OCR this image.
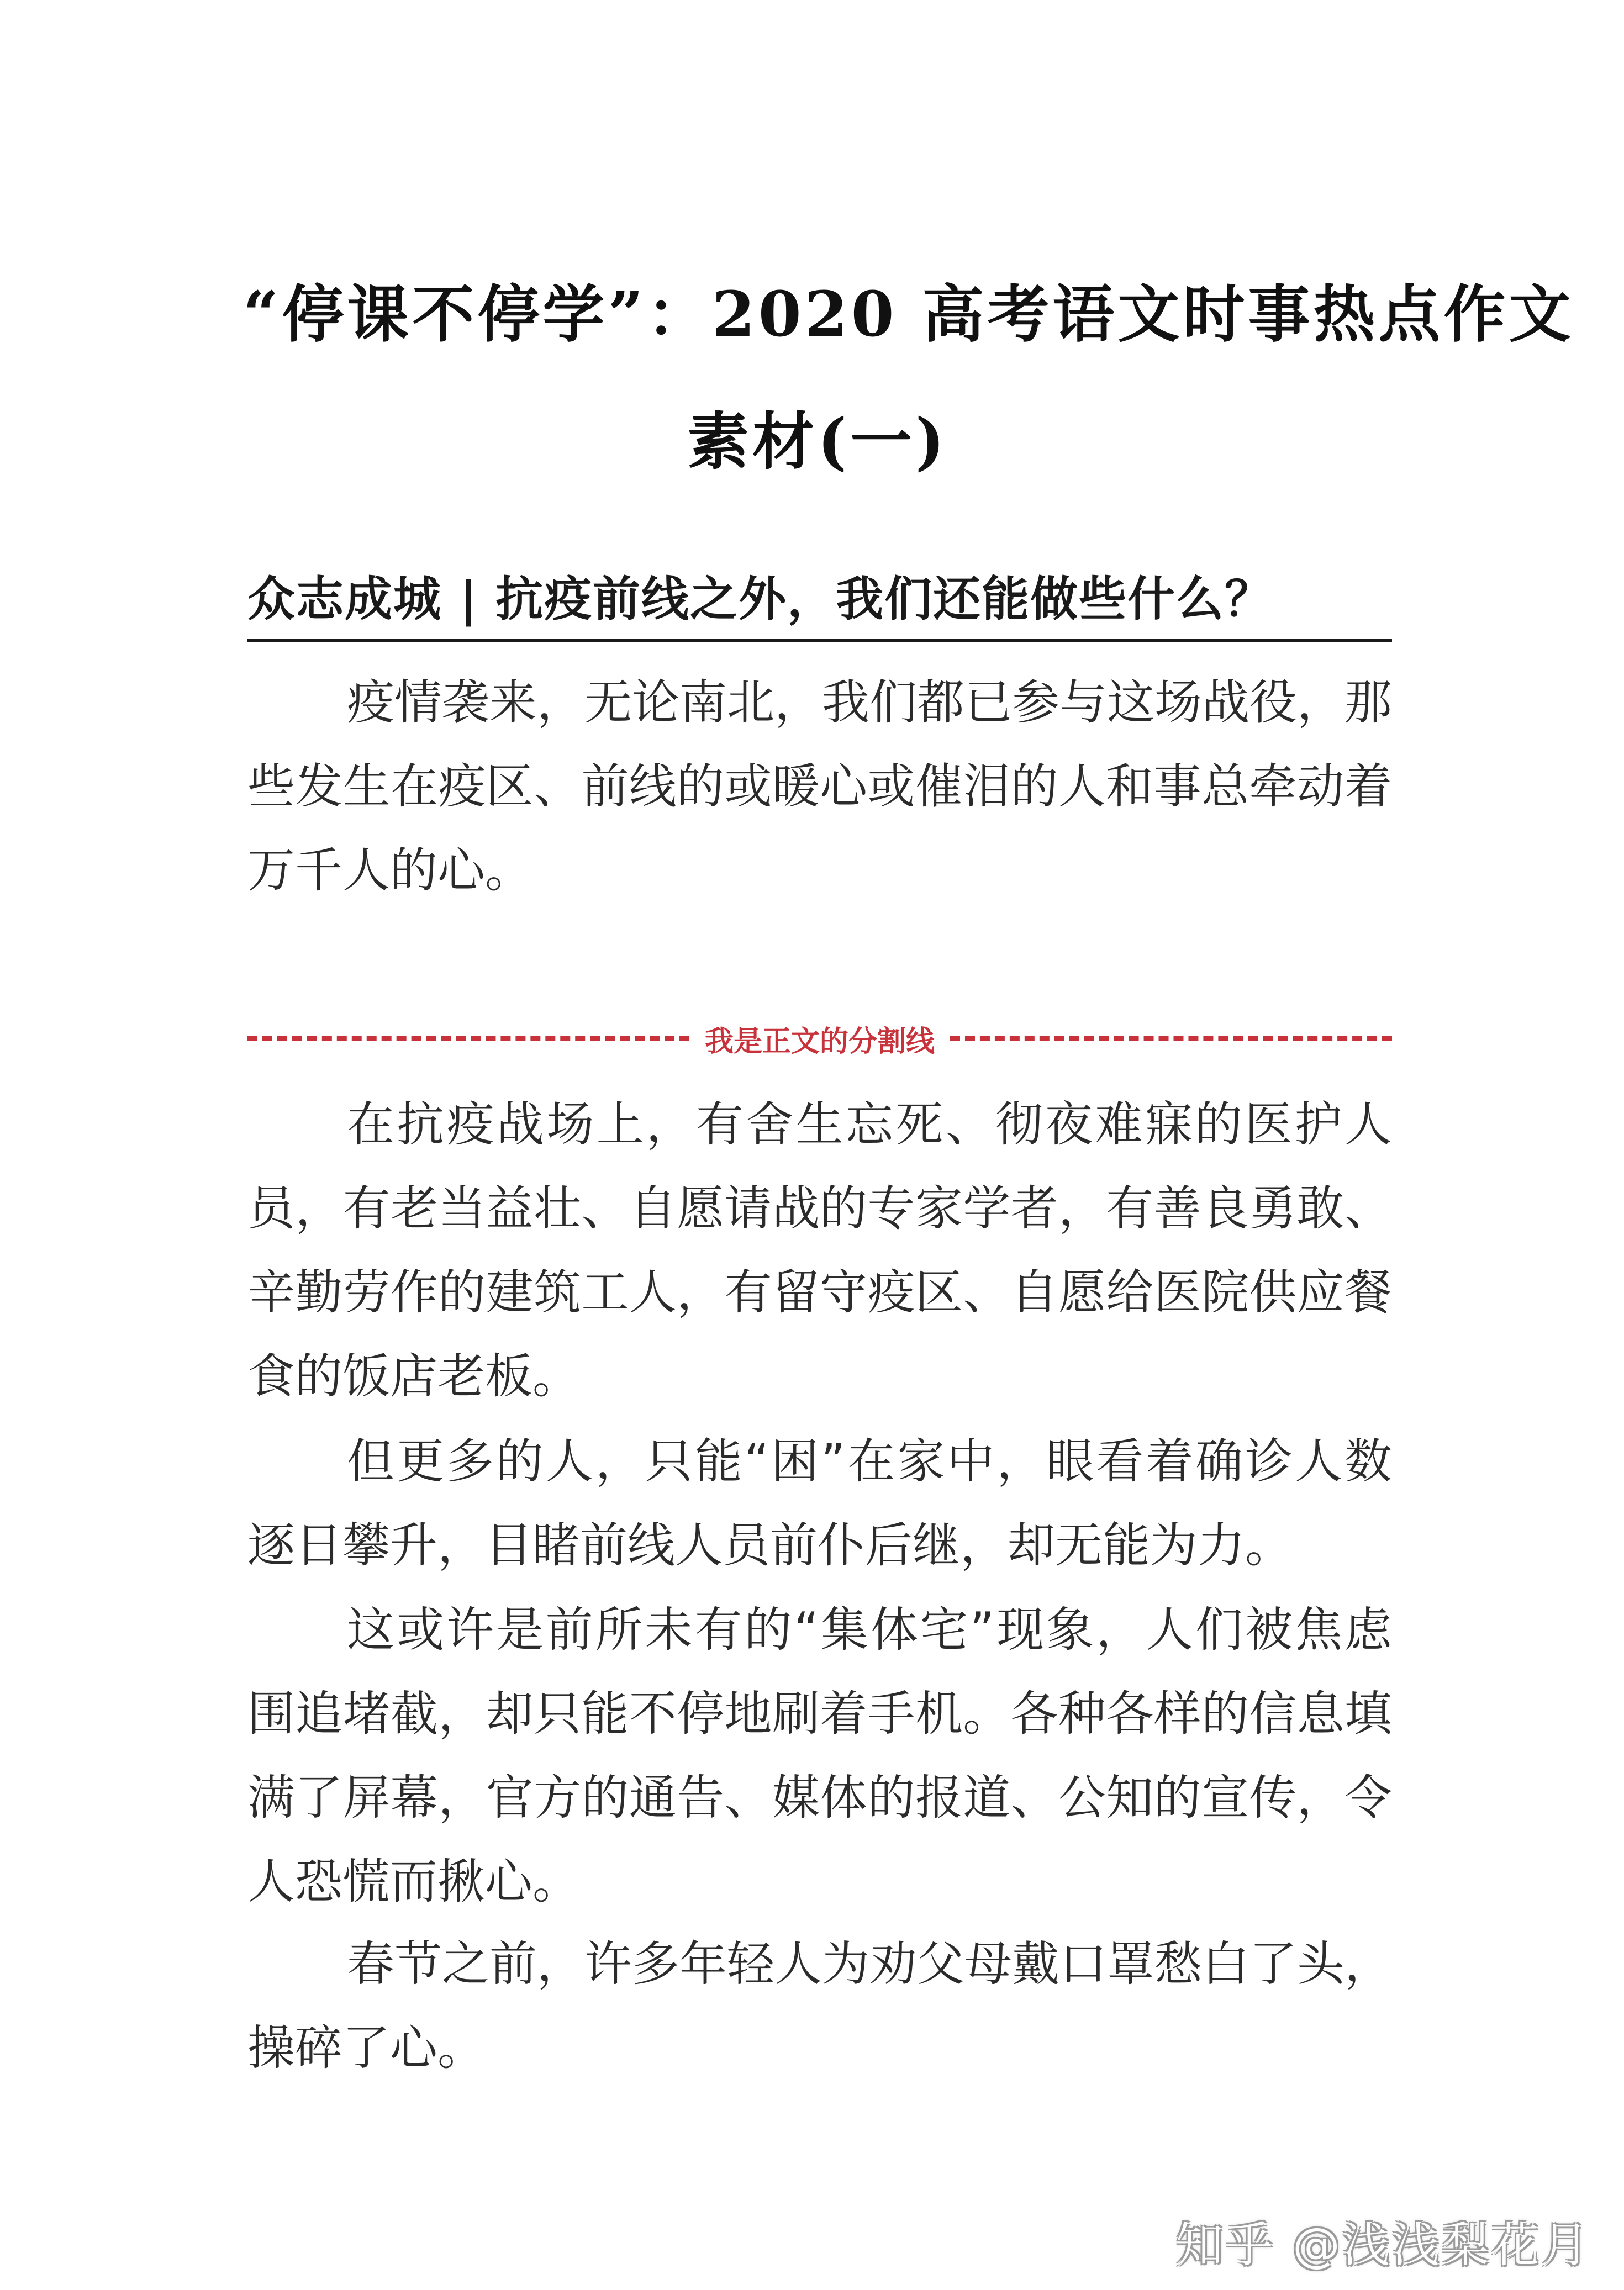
“停课不停学”：2020 高考语文时事热点作文
素材(一)
众志成城 | 抗疫前线之外，我们还能做些什么？

疫情袭来，无论南北，我们都已参与这场战役，那些发生在疫区、前线的或暖心或催泪的人和事总牵动着万千人的心。

我是正文的分割线

在抗疫战场上，有舍生忘死、彻夜难寐的医护人员，有老当益壮、自愿请战的专家学者，有善良勇敢、辛勤劳作的建筑工人，有留守疫区、自愿给医院供应餐食的饭店老板。

但更多的人，只能“困”在家中，眼看着确诊人数逐日攀升，目睹前线人员前仆后继，却无能为力。

这或许是前所未有的“集体宅”现象，人们被焦虑围追堵截，却只能不停地刷着手机。各种各样的信息填满了屏幕，官方的通告、媒体的报道、公知的宣传，令人恐慌而揪心。

春节之前，许多年轻人为劝父母戴口罩愁白了头，操碎了心。

知乎 @浅浅梨花月
